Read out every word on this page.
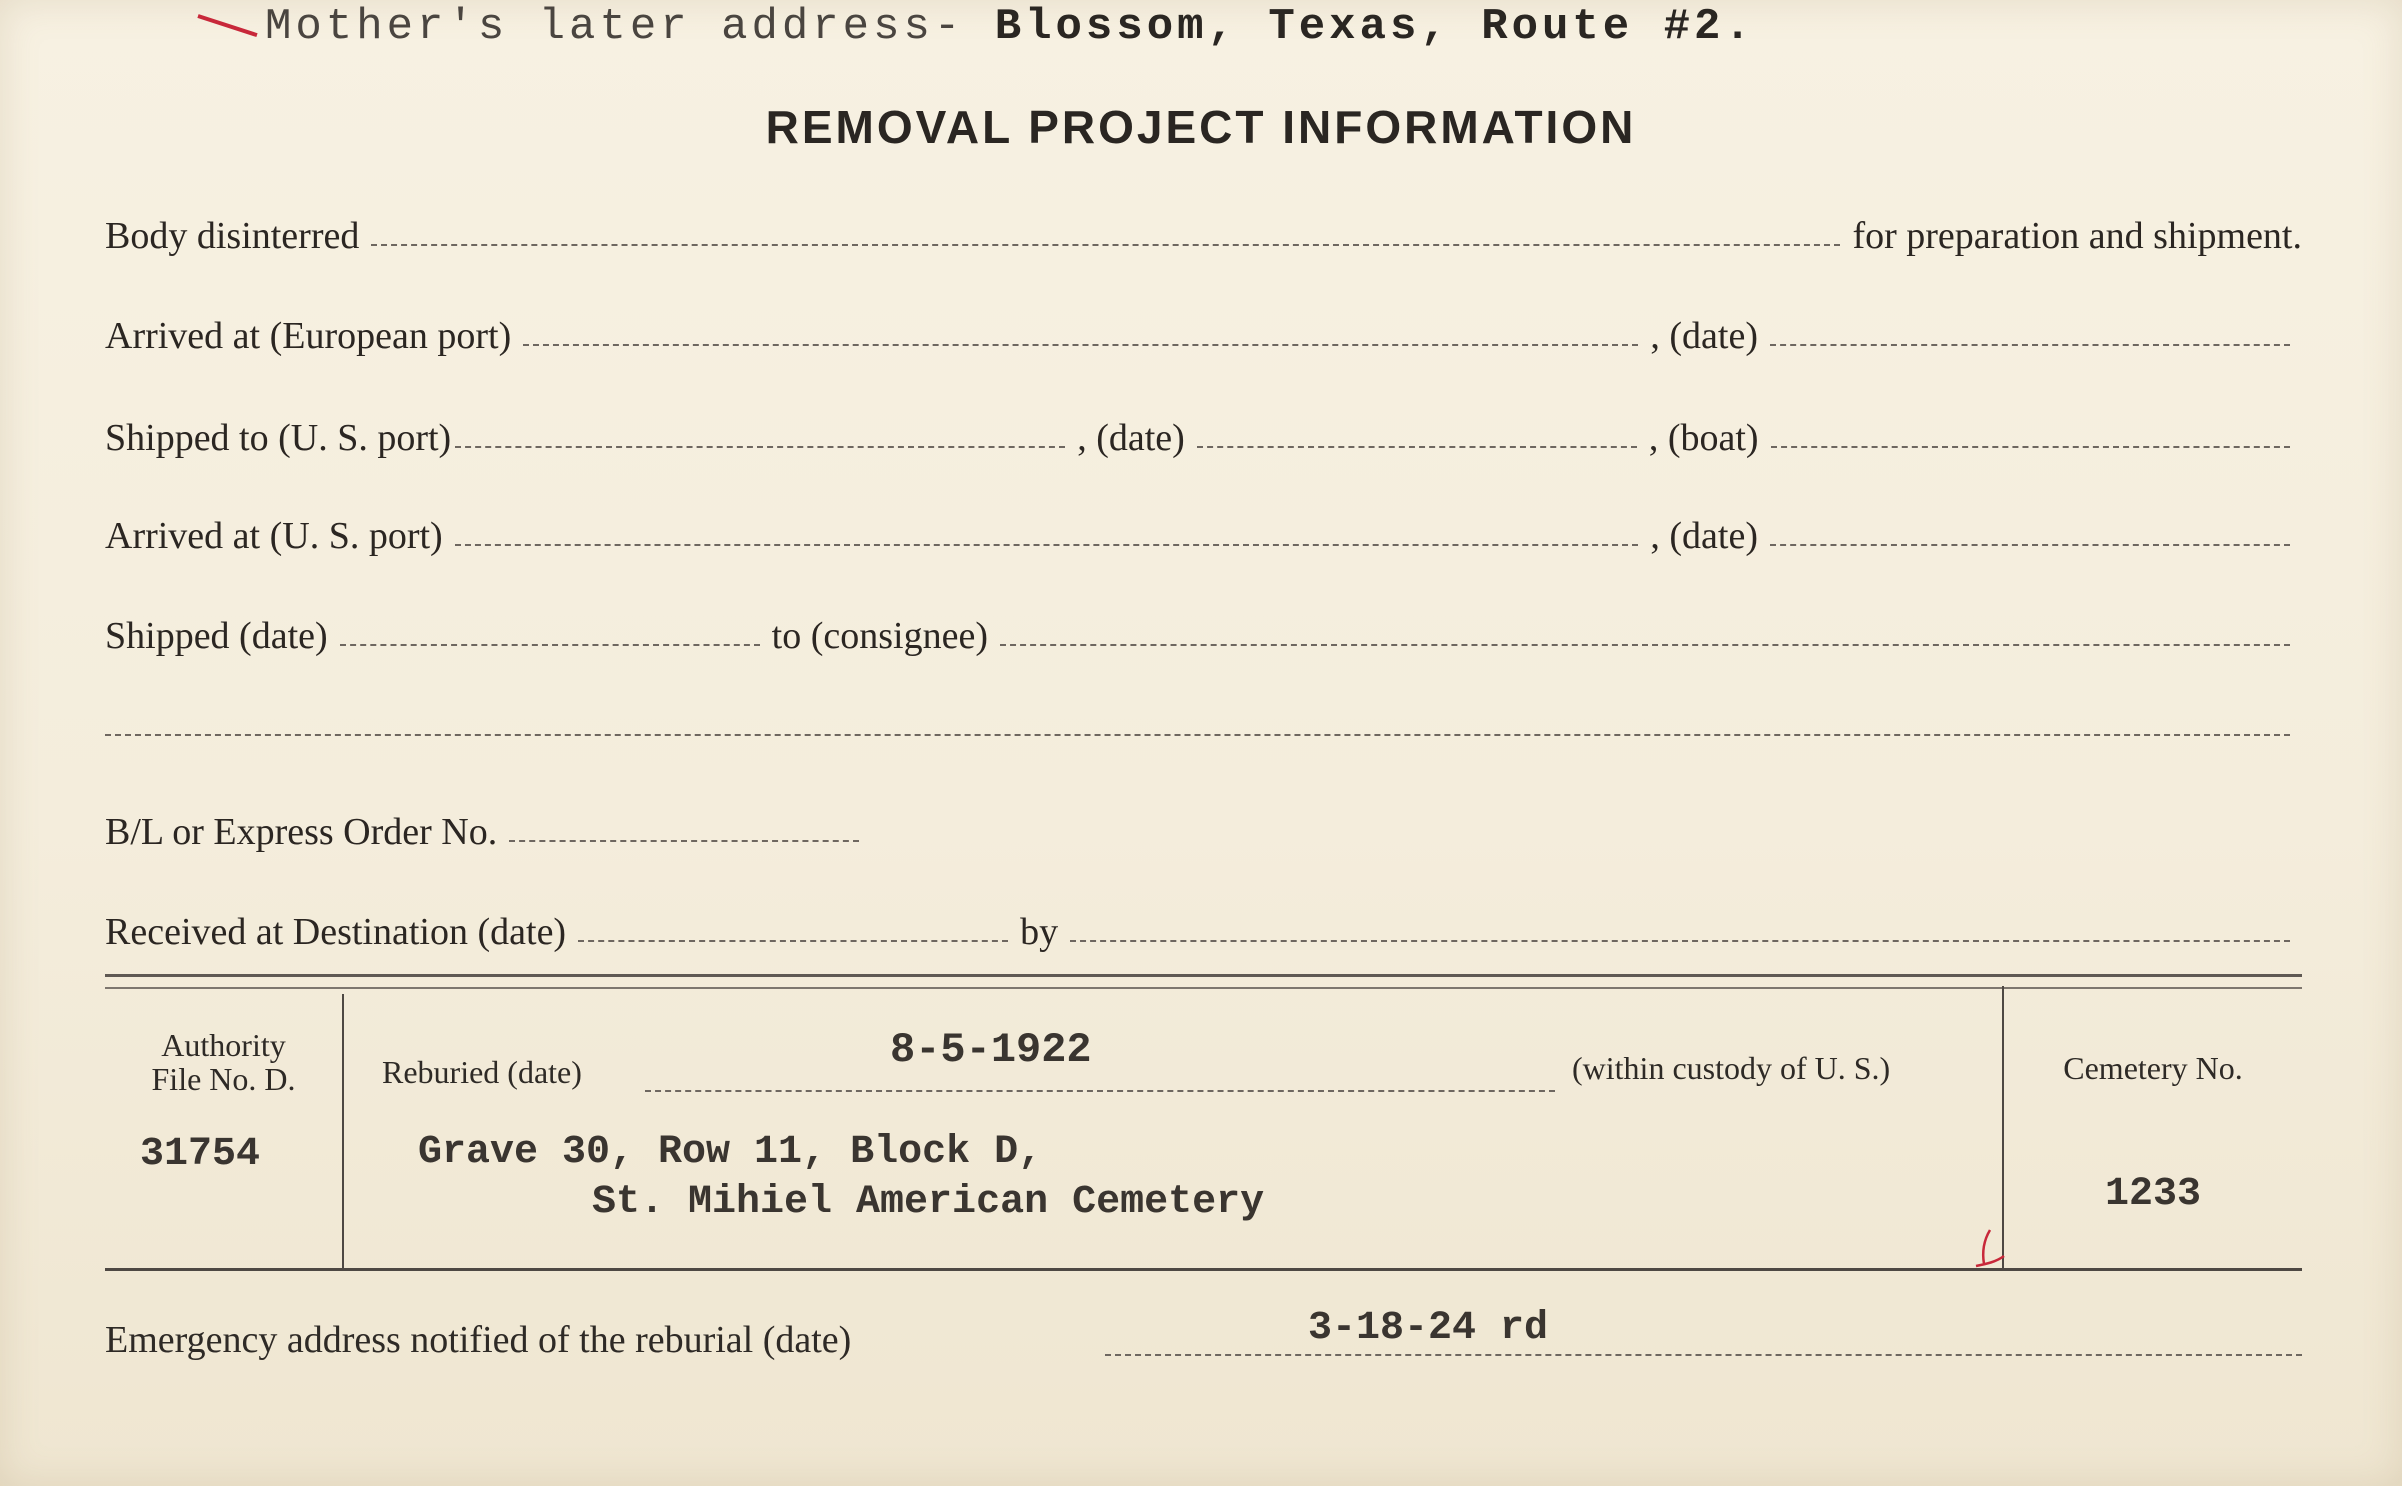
Mother's later address- Blossom, Texas, Route #2.
REMOVAL PROJECT INFORMATION
Body disinterred	for preparation and shipment.
Arrived at (European port)	, (date)
Shipped to (U. S. port)	, (date)	, (boat)
Arrived at (U. S. port)	, (date)
Shipped (date)	to (consignee)
B/L or Express Order No.
Received at Destination (date)	by
Authority
File No. D.
31754
Reburied (date)	8-5-1922	(within custody of U. S.)
Grave 30, Row 11, Block D,
St. Mihiel American Cemetery
Cemetery No.
1233
Emergency address notified of the reburial (date)	3-18-24 rd
